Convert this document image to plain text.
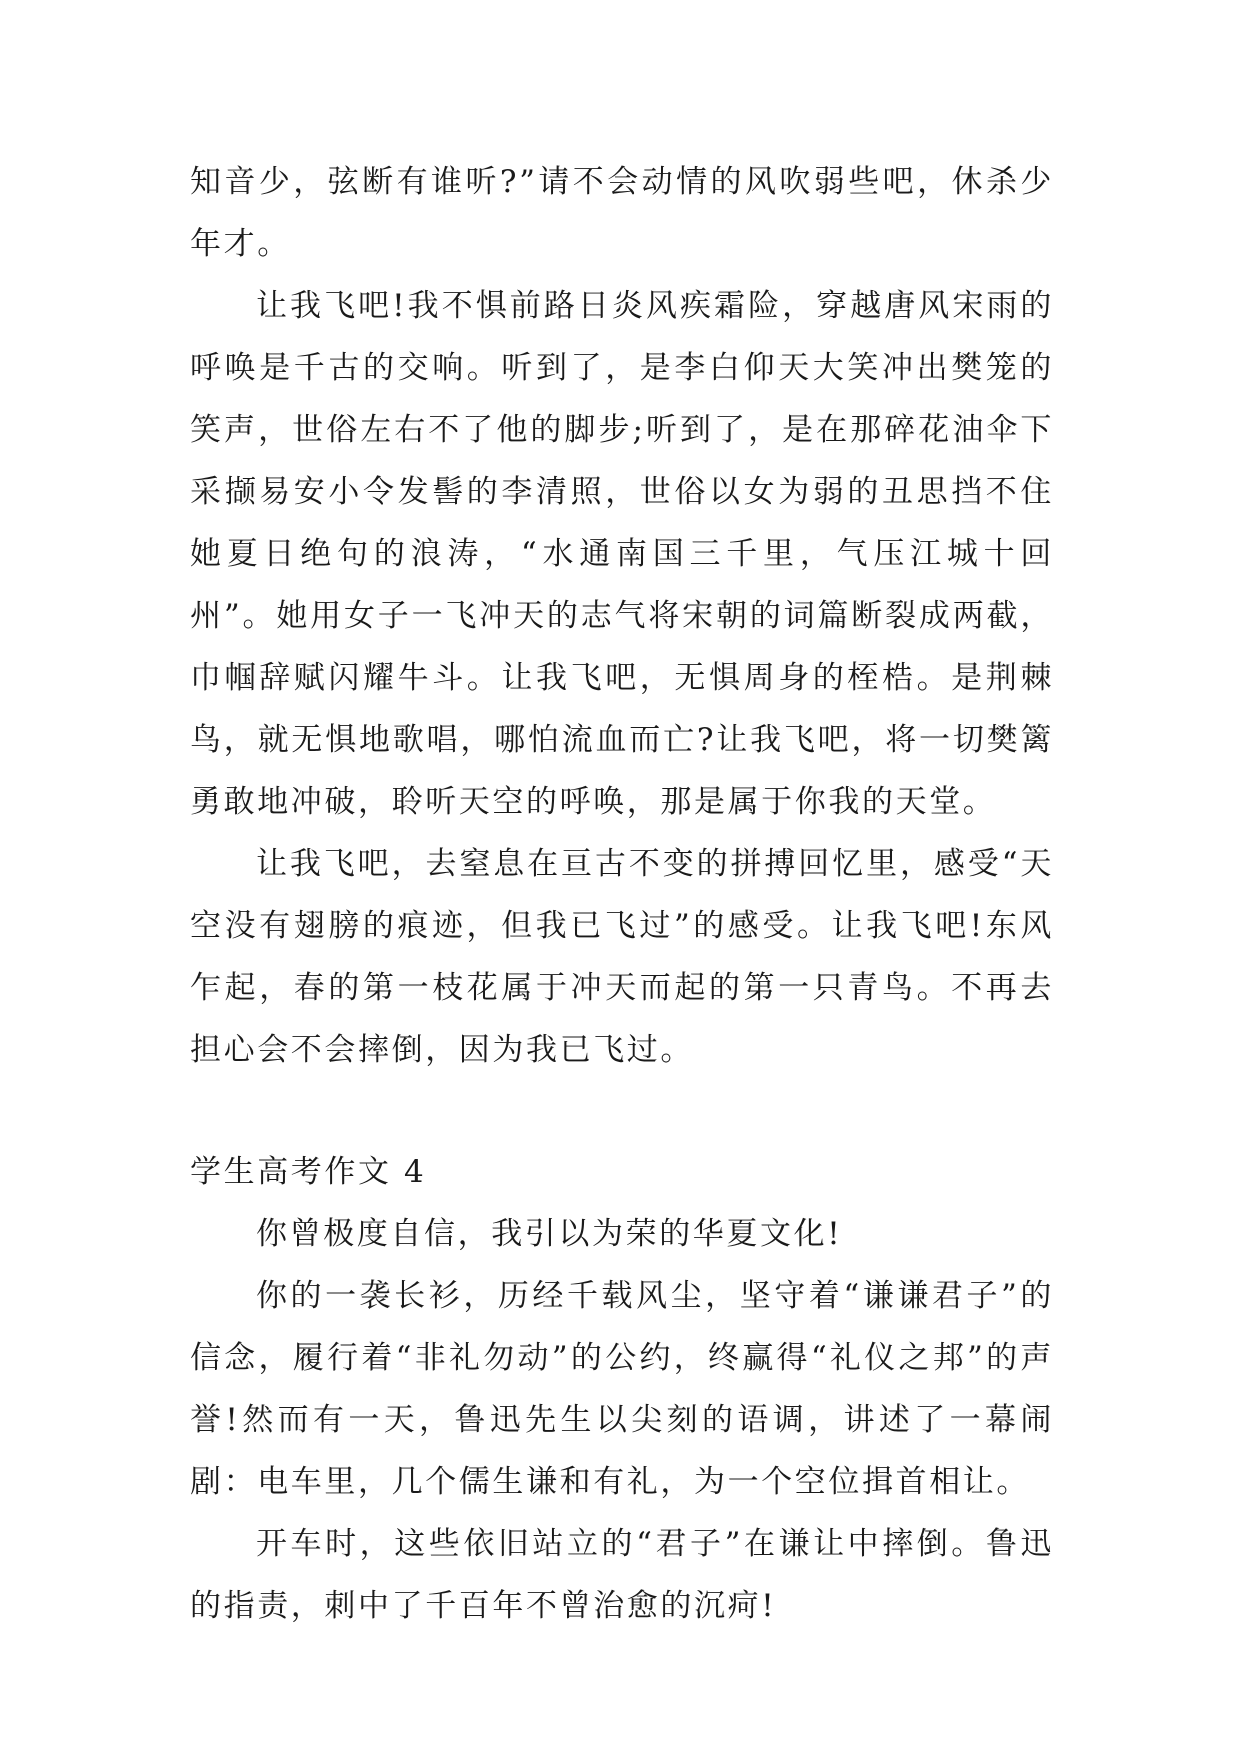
知音少，弦断有谁听?”请不会动情的风吹弱些吧，休杀少年才。

让我飞吧!我不惧前路日炎风疾霜险，穿越唐风宋雨的呼唤是千古的交响。听到了，是李白仰天大笑冲出樊笼的笑声，世俗左右不了他的脚步;听到了，是在那碎花油伞下采撷易安小令发髻的李清照，世俗以女为弱的丑思挡不住她夏日绝句的浪涛，“水通南国三千里，气压江城十回州”。她用女子一飞冲天的志气将宋朝的词篇断裂成两截，巾帼辞赋闪耀牛斗。让我飞吧，无惧周身的桎梏。是荆棘鸟，就无惧地歌唱，哪怕流血而亡?让我飞吧，将一切樊篱勇敢地冲破，聆听天空的呼唤，那是属于你我的天堂。

让我飞吧，去窒息在亘古不变的拼搏回忆里，感受“天空没有翅膀的痕迹，但我已飞过”的感受。让我飞吧!东风乍起，春的第一枝花属于冲天而起的第一只青鸟。不再去担心会不会摔倒，因为我已飞过。

学生高考作文 4

你曾极度自信，我引以为荣的华夏文化!

你的一袭长衫，历经千载风尘，坚守着“谦谦君子”的信念，履行着“非礼勿动”的公约，终赢得“礼仪之邦”的声誉!然而有一天，鲁迅先生以尖刻的语调，讲述了一幕闹剧：电车里，几个儒生谦和有礼，为一个空位揖首相让。

开车时，这些依旧站立的“君子”在谦让中摔倒。鲁迅的指责，刺中了千百年不曾治愈的沉疴!
